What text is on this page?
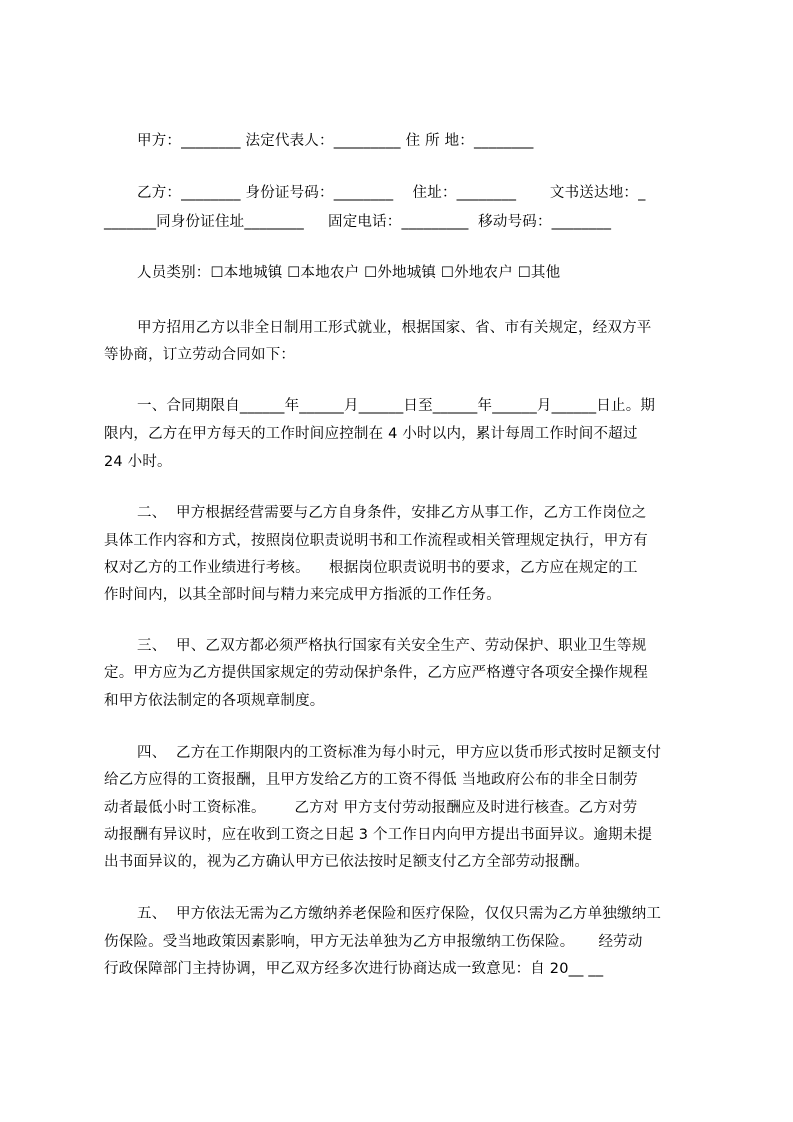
甲方：________ 法定代表人：_________ 住 所 地：________
乙方：________ 身份证号码：________    住址：________       文书送达地：_
_______同身份证住址________     固定电话：_________  移动号码：________
人员类别：☐本地城镇 ☐本地农户 ☐外地城镇 ☐外地农户 ☐其他
甲方招用乙方以非全日制用工形式就业，根据国家、省、市有关规定，经双方平
等协商，订立劳动合同如下：
一、合同期限自______年______月______日至______年______月______日止。期
限内，乙方在甲方每天的工作时间应控制在 4 小时以内，累计每周工作时间不超过
24 小时。
二、  甲方根据经营需要与乙方自身条件，安排乙方从事工作，乙方工作岗位之
具体工作内容和方式，按照岗位职责说明书和工作流程或相关管理规定执行，甲方有
权对乙方的工作业绩进行考核。    根据岗位职责说明书的要求，乙方应在规定的工
作时间内，以其全部时间与精力来完成甲方指派的工作任务。
三、  甲、乙双方都必须严格执行国家有关安全生产、劳动保护、职业卫生等规
定。甲方应为乙方提供国家规定的劳动保护条件，乙方应严格遵守各项安全操作规程
和甲方依法制定的各项规章制度。
四、  乙方在工作期限内的工资标准为每小时元，甲方应以货币形式按时足额支付
给乙方应得的工资报酬，且甲方发给乙方的工资不得低 当地政府公布的非全日制劳
动者最低小时工资标准。      乙方对 甲方支付劳动报酬应及时进行核查。乙方对劳
动报酬有异议时，应在收到工资之日起 3 个工作日内向甲方提出书面异议。逾期未提
出书面异议的，视为乙方确认甲方已依法按时足额支付乙方全部劳动报酬。
五、  甲方依法无需为乙方缴纳养老保险和医疗保险，仅仅只需为乙方单独缴纳工
伤保险。受当地政策因素影响，甲方无法单独为乙方申报缴纳工伤保险。     经劳动
行政保障部门主持协调，甲乙双方经多次进行协商达成一致意见：自 20__ __
